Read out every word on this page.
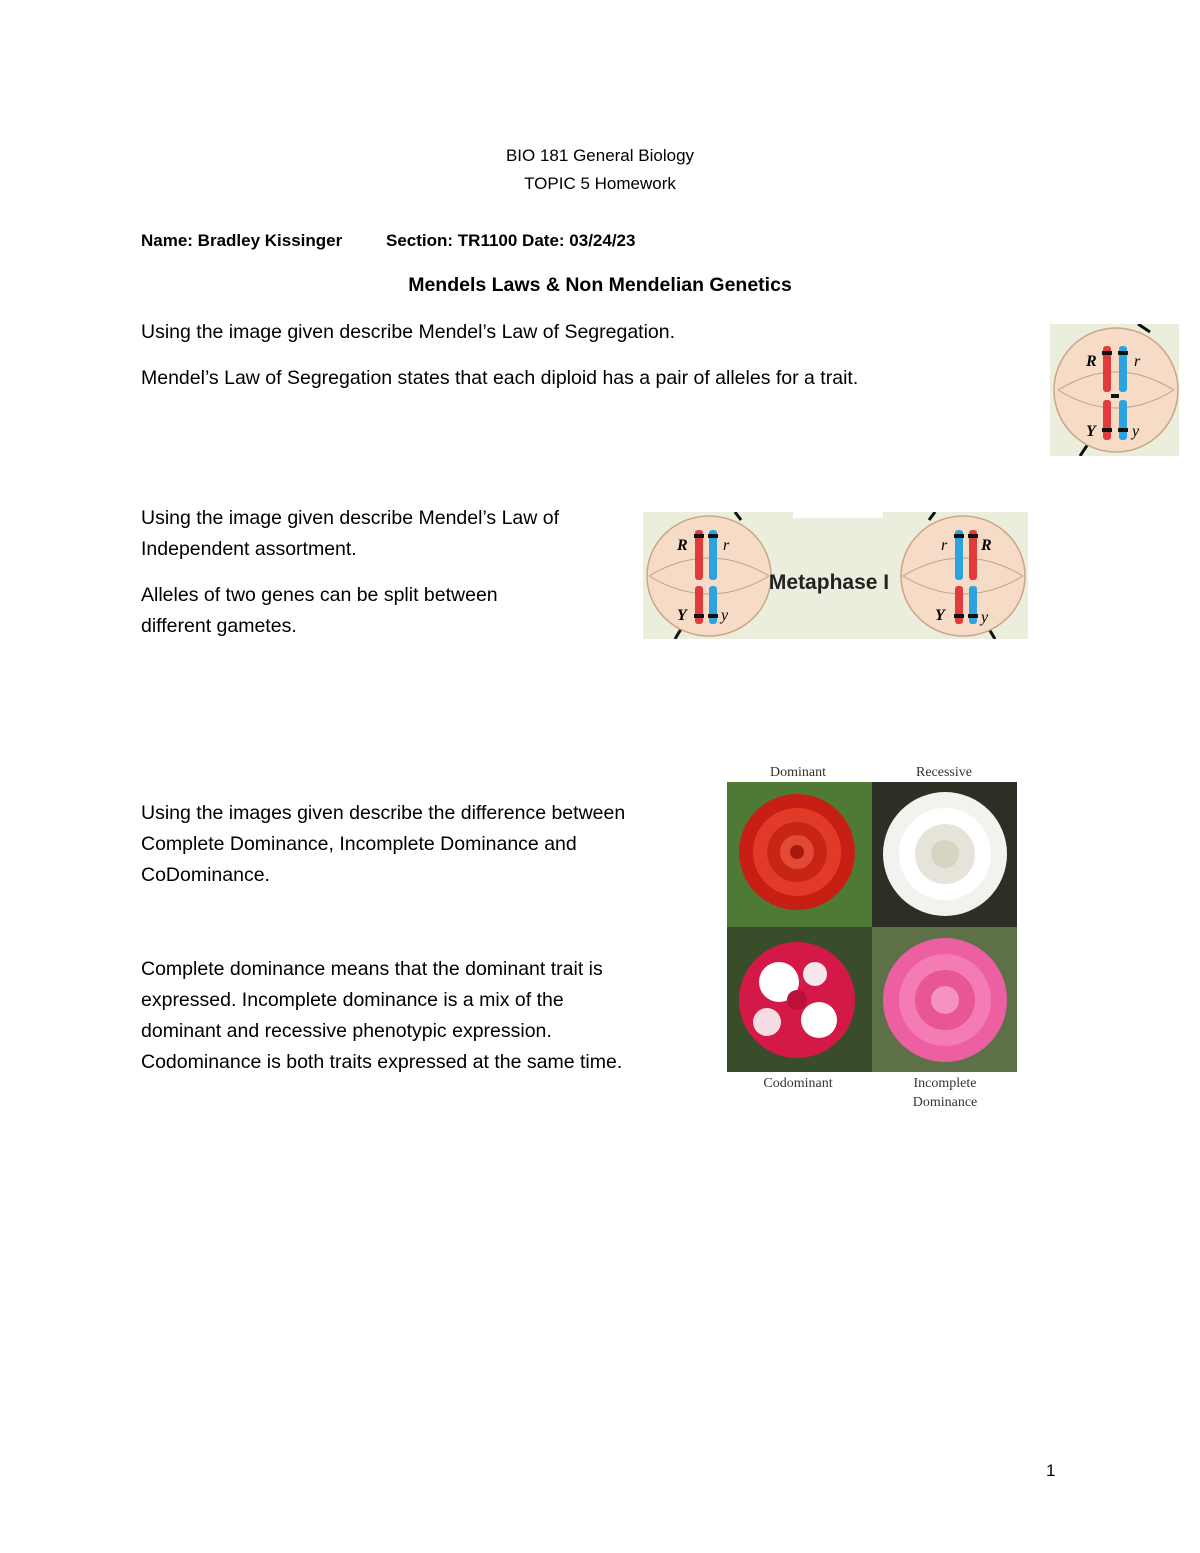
BIO 181 General Biology
TOPIC 5 Homework
Name: Bradley Kissinger	Section: TR1100 Date: 03/24/23
Mendels Laws & Non Mendelian Genetics
Using the image given describe Mendel’s Law of Segregation.
Mendel’s Law of Segregation states that each diploid has a pair of alleles for a trait.
R r
Y y
Using the image given describe Mendel’s Law of
Independent assortment.
Alleles of two genes can be split between
different gametes.
R r
Y y
Metaphase I
r R
Y y
Using the images given describe the difference between
Complete Dominance, Incomplete Dominance and
CoDominance.
Complete dominance means that the dominant trait is
expressed. Incomplete dominance is a mix of the
dominant and recessive phenotypic expression.
Codominance is both traits expressed at the same time.
Dominant	Recessive
Codominant	Incomplete
Dominance
1
